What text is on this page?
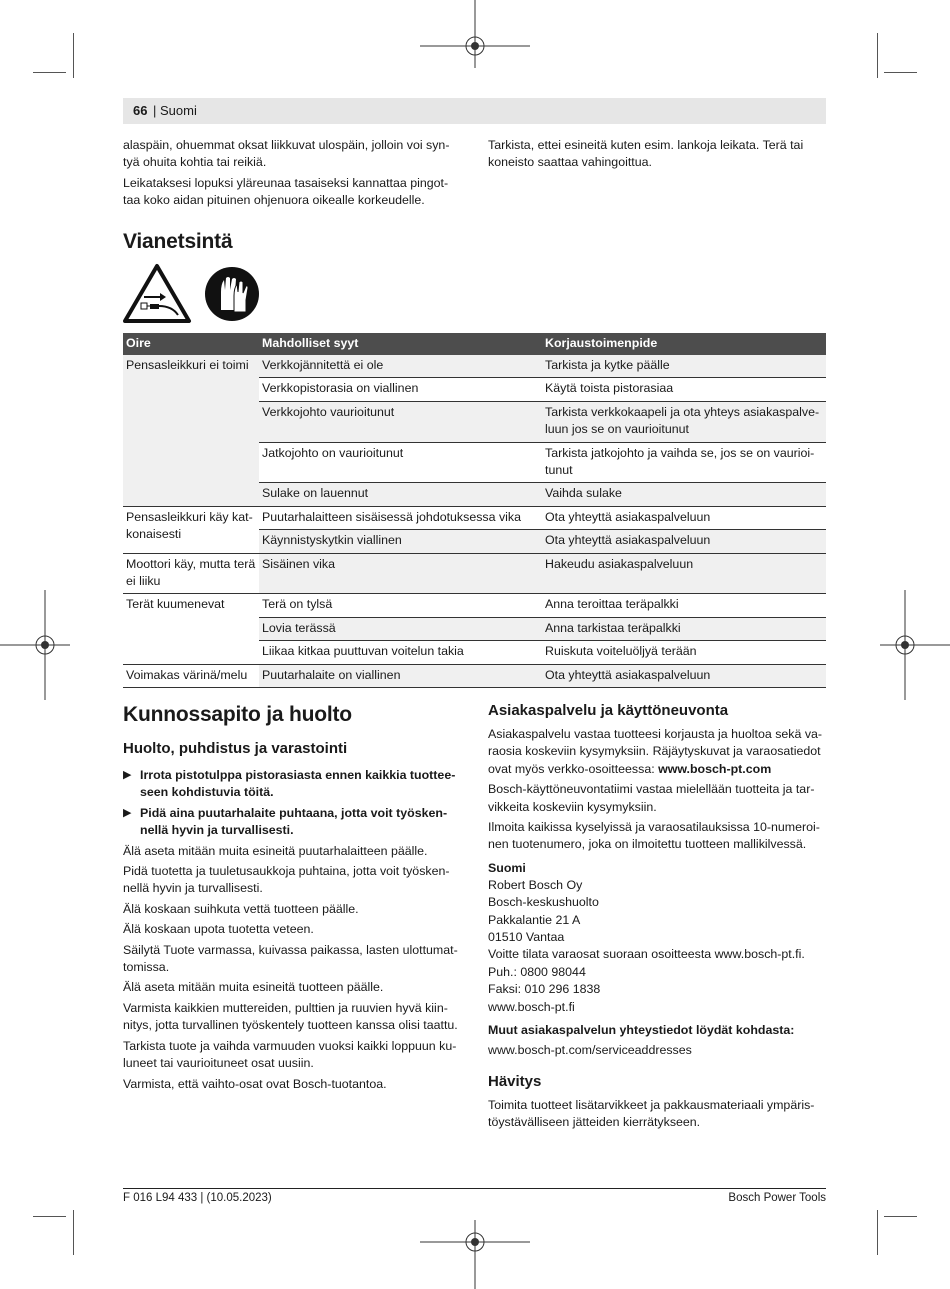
66 | Suomi

alaspäin, ohuemmat oksat liikkuvat ulospäin, jolloin voi syn-tyä ohuita kohtia tai reikiä.

Leikataksesi lopuksi yläreunaa tasaiseksi kannattaa pingot-taa koko aidan pituinen ohjenuora oikealle korkeudelle.

Tarkista, ettei esineitä kuten esim. lankoja leikata. Terä tai koneisto saattaa vahingoittua.

Vianetsintä
Oire	Mahdolliset syyt	Korjaustoimenpide
Pensasleikkuri ei toimi	Verkkojännitettä ei ole	Tarkista ja kytke päälle
	Verkkopistorasia on viallinen	Käytä toista pistorasiaa
	Verkkojohto vaurioitunut	Tarkista verkkokaapeli ja ota yhteys asiakaspalve-luun jos se on vaurioitunut
	Jatkojohto on vaurioitunut	Tarkista jatkojohto ja vaihda se, jos se on vaurioi-tunut
	Sulake on lauennut	Vaihda sulake
Pensasleikkuri käy kat-konaisesti	Puutarhalaitteen sisäisessä johdotuksessa vika	Ota yhteyttä asiakaspalveluun
	Käynnistyskytkin viallinen	Ota yhteyttä asiakaspalveluun
Moottori käy, mutta terä ei liiku	Sisäinen vika	Hakeudu asiakaspalveluun
Terät kuumenevat	Terä on tylsä	Anna teroittaa teräpalkki
	Lovia terässä	Anna tarkistaa teräpalkki
	Liikaa kitkaa puuttuvan voitelun takia	Ruiskuta voiteluöljyä terään
Voimakas värinä/melu	Puutarhalaite on viallinen	Ota yhteyttä asiakaspalveluun
Kunnossapito ja huolto
Huolto, puhdistus ja varastointi
▶ Irrota pistotulppa pistorasiasta ennen kaikkia tuottee-seen kohdistuvia töitä.
▶ Pidä aina puutarhalaite puhtaana, jotta voit työsken-nellä hyvin ja turvallisesti.

Älä aseta mitään muita esineitä puutarhalaitteen päälle.

Pidä tuotetta ja tuuletusaukkoja puhtaina, jotta voit työsken-nellä hyvin ja turvallisesti.

Älä koskaan suihkuta vettä tuotteen päälle.

Älä koskaan upota tuotetta veteen.

Säilytä Tuote varmassa, kuivassa paikassa, lasten ulottumat-tomissa.

Älä aseta mitään muita esineitä tuotteen päälle.

Varmista kaikkien muttereiden, pulttien ja ruuvien hyvä kiin-nitys, jotta turvallinen työskentely tuotteen kanssa olisi taattu.

Tarkista tuote ja vaihda varmuuden vuoksi kaikki loppuun ku-luneet tai vaurioituneet osat uusiin.

Varmista, että vaihto-osat ovat Bosch-tuotantoa.

Asiakaspalvelu ja käyttöneuvonta

Asiakaspalvelu vastaa tuotteesi korjausta ja huoltoa sekä va-raosia koskeviin kysymyksiin. Räjäytyskuvat ja varaosatiedot ovat myös verkko-osoitteessa: www.bosch-pt.com

Bosch-käyttöneuvontatiimi vastaa mielellään tuotteita ja tar-vikkeita koskeviin kysymyksiin.

Ilmoita kaikissa kyselyissä ja varaosatilauksissa 10-numeroi-nen tuotenumero, joka on ilmoitettu tuotteen mallikilvessä.

Suomi
Robert Bosch Oy
Bosch-keskushuolto
Pakkalantie 21 A
01510 Vantaa
Voitte tilata varaosat suoraan osoitteesta www.bosch-pt.fi.
Puh.: 0800 98044
Faksi: 010 296 1838
www.bosch-pt.fi
Muut asiakaspalvelun yhteystiedot löydät kohdasta:

www.bosch-pt.com/serviceaddresses

Hävitys

Toimita tuotteet lisätarvikkeet ja pakkausmateriaali ympäris-töystävälliseen jätteiden kierrätykseen.

F 016 L94 433 | (10.05.2023)	Bosch Power Tools
